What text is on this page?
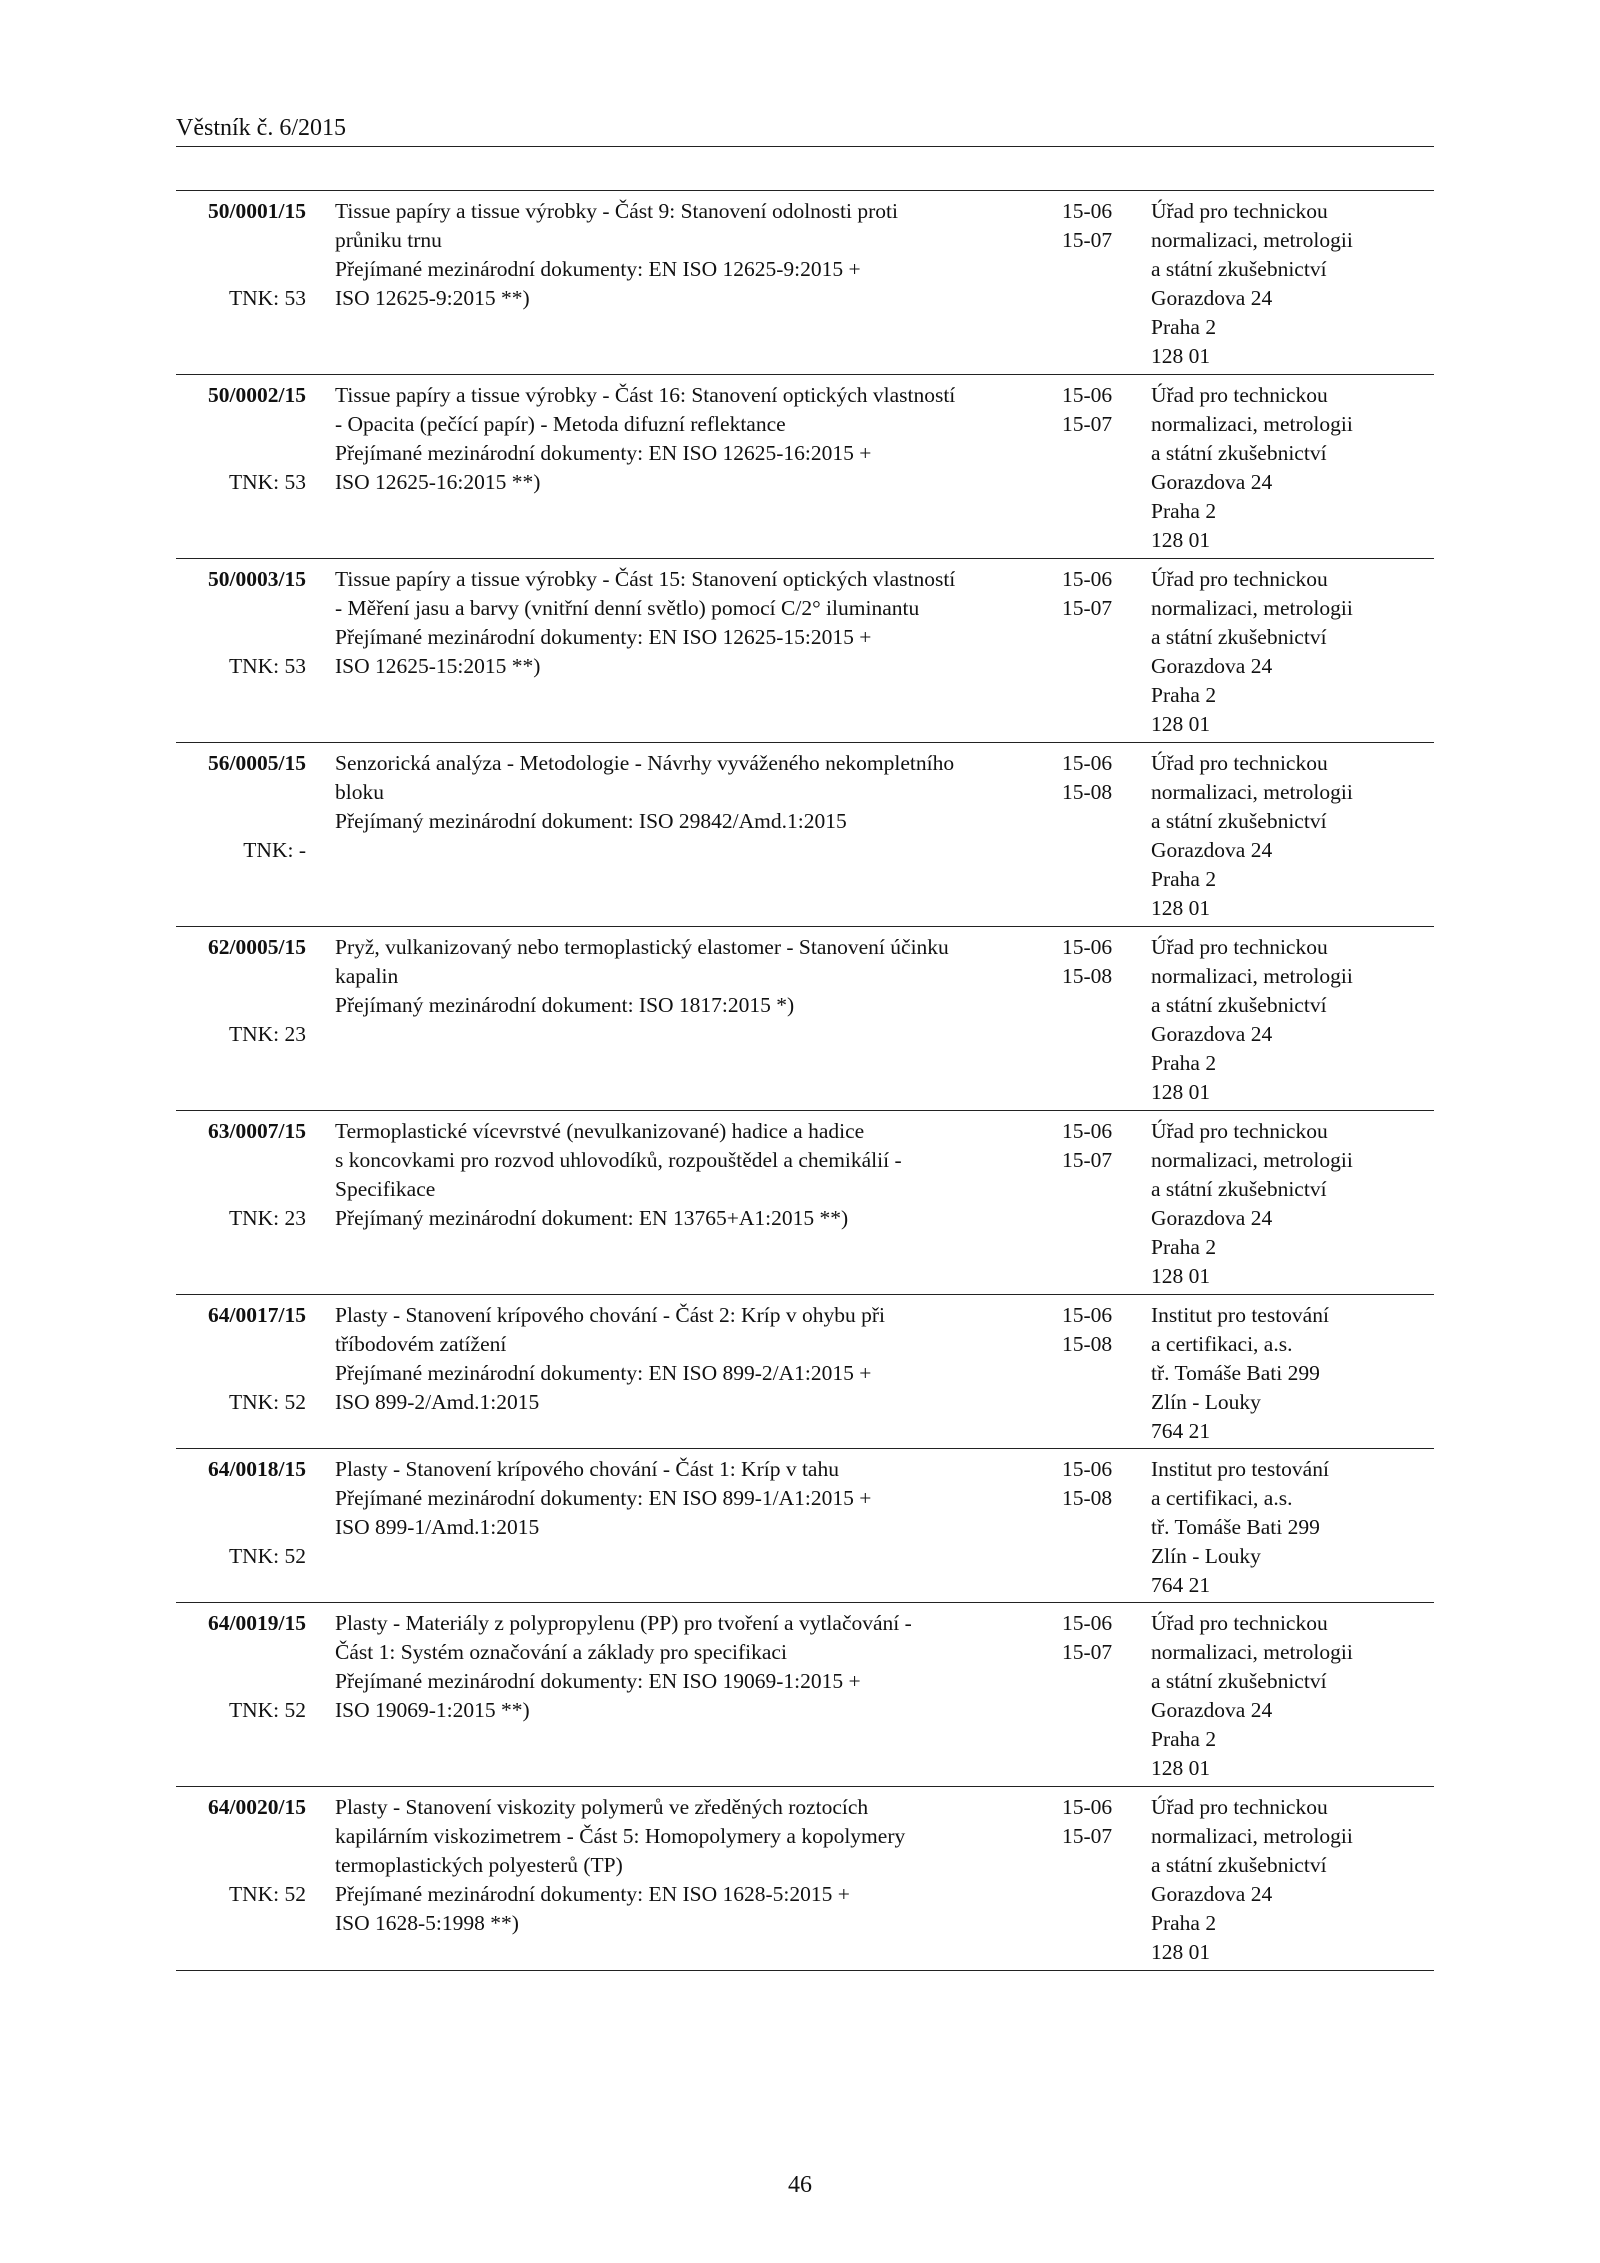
Věstník č. 6/2015
50/0001/15
TNK: 53
Tissue papíry a tissue výrobky - Část 9: Stanovení odolnosti proti
průniku trnu
Přejímané mezinárodní dokumenty: EN ISO 12625-9:2015 +
ISO 12625-9:2015 **)
15-06
15-07
Úřad pro technickou
normalizaci, metrologii
a státní zkušebnictví
Gorazdova 24
Praha 2
128 01
50/0002/15
TNK: 53
Tissue papíry a tissue výrobky - Část 16: Stanovení optických vlastností
- Opacita (pečící papír) - Metoda difuzní reflektance
Přejímané mezinárodní dokumenty: EN ISO 12625-16:2015 +
ISO 12625-16:2015 **)
15-06
15-07
Úřad pro technickou
normalizaci, metrologii
a státní zkušebnictví
Gorazdova 24
Praha 2
128 01
50/0003/15
TNK: 53
Tissue papíry a tissue výrobky - Část 15: Stanovení optických vlastností
- Měření jasu a barvy (vnitřní denní světlo) pomocí C/2° iluminantu
Přejímané mezinárodní dokumenty: EN ISO 12625-15:2015 +
ISO 12625-15:2015 **)
15-06
15-07
Úřad pro technickou
normalizaci, metrologii
a státní zkušebnictví
Gorazdova 24
Praha 2
128 01
56/0005/15
TNK: -
Senzorická analýza - Metodologie - Návrhy vyváženého nekompletního
bloku
Přejímaný mezinárodní dokument: ISO 29842/Amd.1:2015
15-06
15-08
Úřad pro technickou
normalizaci, metrologii
a státní zkušebnictví
Gorazdova 24
Praha 2
128 01
62/0005/15
TNK: 23
Pryž, vulkanizovaný nebo termoplastický elastomer - Stanovení účinku
kapalin
Přejímaný mezinárodní dokument: ISO 1817:2015 *)
15-06
15-08
Úřad pro technickou
normalizaci, metrologii
a státní zkušebnictví
Gorazdova 24
Praha 2
128 01
63/0007/15
TNK: 23
Termoplastické vícevrstvé (nevulkanizované) hadice a hadice
s koncovkami pro rozvod uhlovodíků, rozpouštědel a chemikálií -
Specifikace
Přejímaný mezinárodní dokument: EN 13765+A1:2015 **)
15-06
15-07
Úřad pro technickou
normalizaci, metrologii
a státní zkušebnictví
Gorazdova 24
Praha 2
128 01
64/0017/15
TNK: 52
Plasty - Stanovení krípového chování - Část 2: Kríp v ohybu při
tříbodovém zatížení
Přejímané mezinárodní dokumenty: EN ISO 899-2/A1:2015 +
ISO 899-2/Amd.1:2015
15-06
15-08
Institut pro testování
a certifikaci, a.s.
tř. Tomáše Bati 299
Zlín - Louky
764 21
64/0018/15
TNK: 52
Plasty - Stanovení krípového chování - Část 1: Kríp v tahu
Přejímané mezinárodní dokumenty: EN ISO 899-1/A1:2015 +
ISO 899-1/Amd.1:2015
15-06
15-08
Institut pro testování
a certifikaci, a.s.
tř. Tomáše Bati 299
Zlín - Louky
764 21
64/0019/15
TNK: 52
Plasty - Materiály z polypropylenu (PP) pro tvoření a vytlačování -
Část 1: Systém označování a základy pro specifikaci
Přejímané mezinárodní dokumenty: EN ISO 19069-1:2015 +
ISO 19069-1:2015 **)
15-06
15-07
Úřad pro technickou
normalizaci, metrologii
a státní zkušebnictví
Gorazdova 24
Praha 2
128 01
64/0020/15
TNK: 52
Plasty - Stanovení viskozity polymerů ve zředěných roztocích
kapilárním viskozimetrem - Část 5: Homopolymery a kopolymery
termoplastických polyesterů (TP)
Přejímané mezinárodní dokumenty: EN ISO 1628-5:2015 +
ISO 1628-5:1998 **)
15-06
15-07
Úřad pro technickou
normalizaci, metrologii
a státní zkušebnictví
Gorazdova 24
Praha 2
128 01
46
